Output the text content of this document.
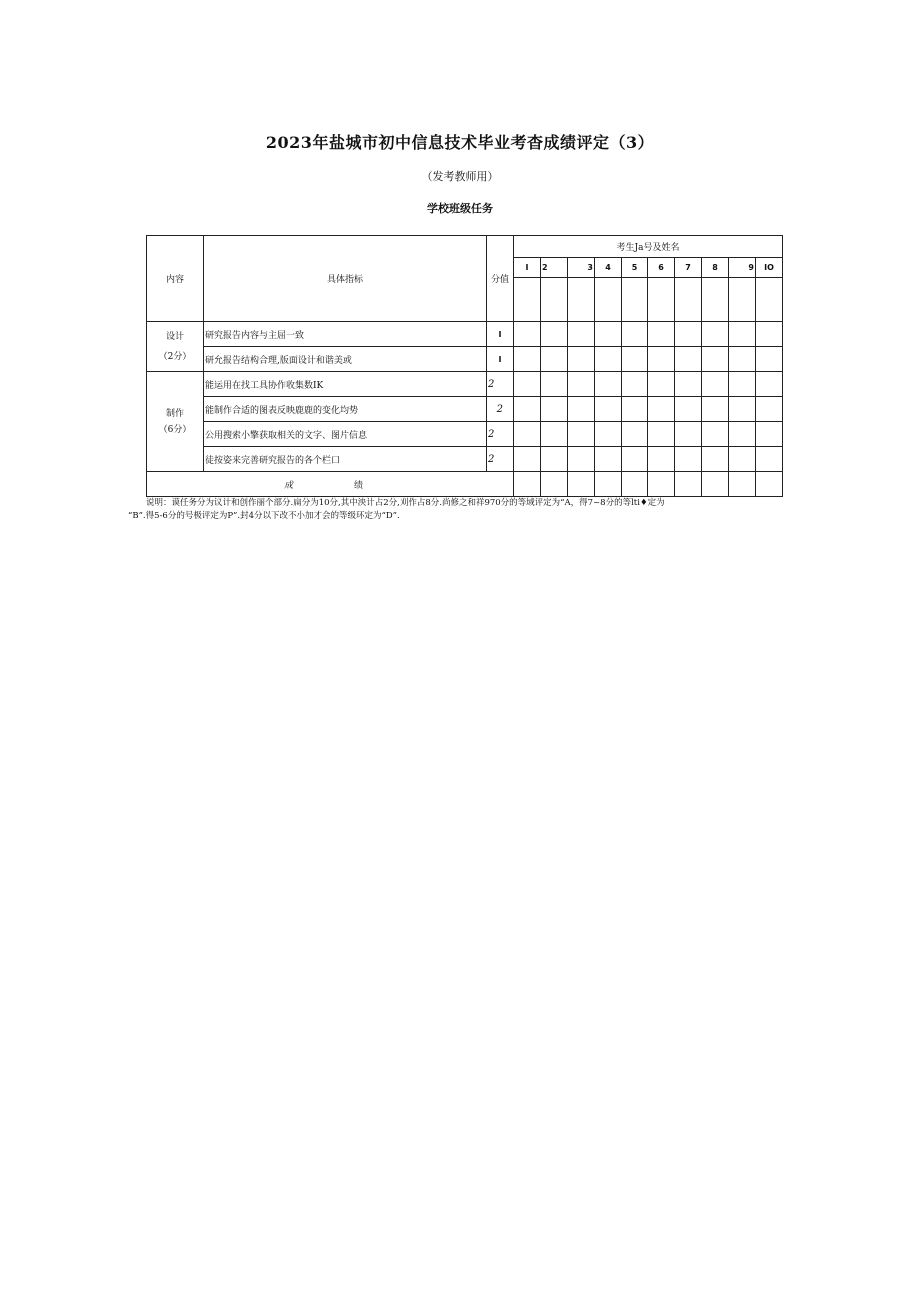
2023年盐城市初中信息技术毕业考杳成绩评定（3）
（发考教师用）
学校班级任务
内容	具体指标	分值	考生Ja号及姓名									
			I	2	3	4	5	6	7	8	9	IO

设计
（2分）	研究报告内容与主屈一致	I										
	研允报告结构合理,版面设计和谐美或	I										
制作
（6分）	能运用在找工具协作收集数IK	2										
	能制作合适的图表反映鹿鹿的变化均势	2										
	公用搜索小擎获取相关的文字、图片信息	2										
	徒按姿来完善研究报告的各个栏口	2										
成 绩												
说明：谟任务分为议计和创作丽个部分.扁分为10分,其中泱计占2分,刈作占8分.尚修之和祥970分的等域评定为“A，得7~8分的等lti♦定为
“B”.得5-6分的号极评定为P”.封4分以下改不小加才会的等级环定为“D”.
